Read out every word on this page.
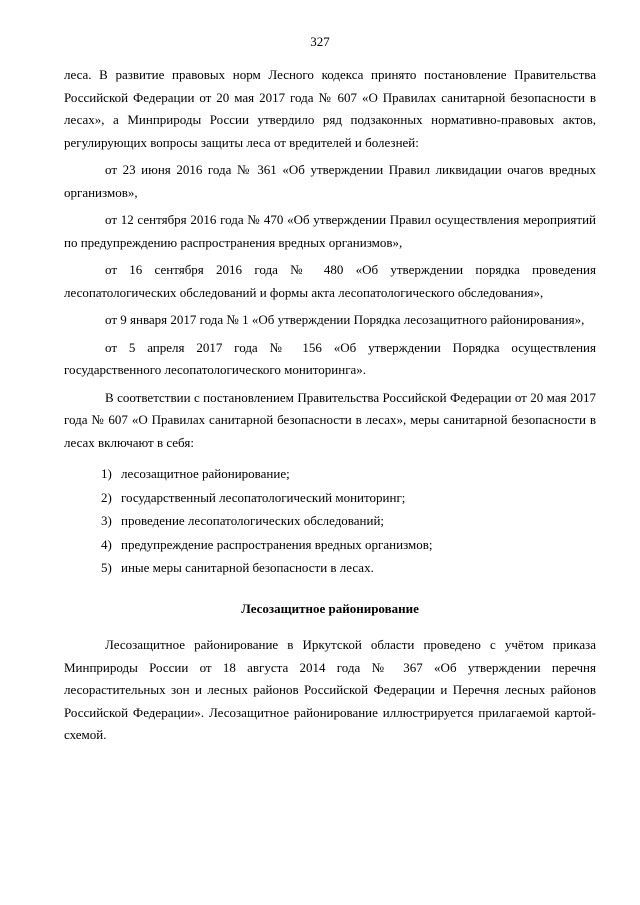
327

леса. В развитие правовых норм Лесного кодекса принято постановление Правительства Российской Федерации от 20 мая 2017 года № 607 «О Правилах санитарной безопасности в лесах», а Минприроды России утвердило ряд подзаконных нормативно-правовых актов, регулирующих вопросы защиты леса от вредителей и болезней:

от 23 июня 2016 года № 361 «Об утверждении Правил ликвидации очагов вредных организмов»,

от 12 сентября 2016 года № 470 «Об утверждении Правил осуществления мероприятий по предупреждению распространения вредных организмов»,

от 16 сентября 2016 года № 480 «Об утверждении порядка проведения лесопатологических обследований и формы акта лесопатологического обследования»,

от 9 января 2017 года № 1 «Об утверждении Порядка лесозащитного районирования»,

от 5 апреля 2017 года № 156 «Об утверждении Порядка осуществления государственного лесопатологического мониторинга».

В соответствии с постановлением Правительства Российской Федерации от 20 мая 2017 года № 607 «О Правилах санитарной безопасности в лесах», меры санитарной безопасности в лесах включают в себя:

1) лесозащитное районирование;
2) государственный лесопатологический мониторинг;
3) проведение лесопатологических обследований;
4) предупреждение распространения вредных организмов;
5) иные меры санитарной безопасности в лесах.
Лесозащитное районирование

Лесозащитное районирование в Иркутской области проведено с учётом приказа Минприроды России от 18 августа 2014 года № 367 «Об утверждении перечня лесорастительных зон и лесных районов Российской Федерации и Перечня лесных районов Российской Федерации». Лесозащитное районирование иллюстрируется прилагаемой картой-схемой.
